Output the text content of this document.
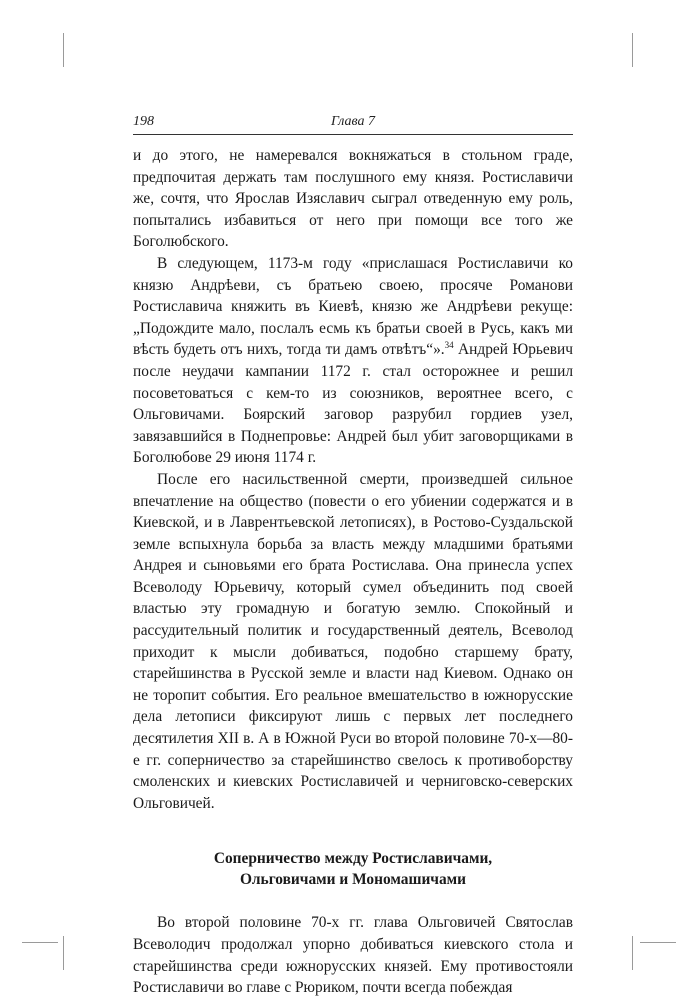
198	Глава 7

и до этого, не намеревался вокняжаться в стольном граде, предпочитая держать там послушного ему князя. Ростиславичи же, сочтя, что Ярослав Изяславич сыграл отведенную ему роль, попытались избавиться от него при помощи все того же Боголюбского.

В следующем, 1173-м году «прислашася Ростиславичи ко князю Андрѣеви, съ братьею своею, просяче Романови Ростиславича княжить въ Киевѣ, князю же Андрѣеви рекуще: „Подождите мало, послалъ есмь къ братьи своей в Русь, какъ ми вѣсть будеть отъ нихъ, тогда ти дамъ отвѣтъ“».$^{34}$ Андрей Юрьевич после неудачи кампании 1172 г. стал осторожнее и решил посоветоваться с кем-то из союзников, вероятнее всего, с Ольговичами. Боярский заговор разрубил гордиев узел, завязавшийся в Поднепровье: Андрей был убит заговорщиками в Боголюбове 29 июня 1174 г.

После его насильственной смерти, произведшей сильное впечатление на общество (повести о его убиении содержатся и в Киевской, и в Лаврентьевской летописях), в Ростово-Суздальской земле вспыхнула борьба за власть между младшими братьями Андрея и сыновьями его брата Ростислава. Она принесла успех Всеволоду Юрьевичу, который сумел объединить под своей властью эту громадную и богатую землю. Спокойный и рассудительный политик и государственный деятель, Всеволод приходит к мысли добиваться, подобно старшему брату, старейшинства в Русской земле и власти над Киевом. Однако он не торопит события. Его реальное вмешательство в южнорусские дела летописи фиксируют лишь с первых лет последнего десятилетия XII в. А в Южной Руси во второй половине 70-х—80-е гг. соперничество за старейшинство свелось к противоборству смоленских и киевских Ростиславичей и черниговско-северских Ольговичей.

Соперничество между Ростиславичами,
Ольговичами и Мономашичами

Во второй половине 70-х гг. глава Ольговичей Святослав Всеволодич продолжал упорно добиваться киевского стола и старейшинства среди южнорусских князей. Ему противостояли Ростиславичи во главе с Рюриком, почти всегда побеждая
